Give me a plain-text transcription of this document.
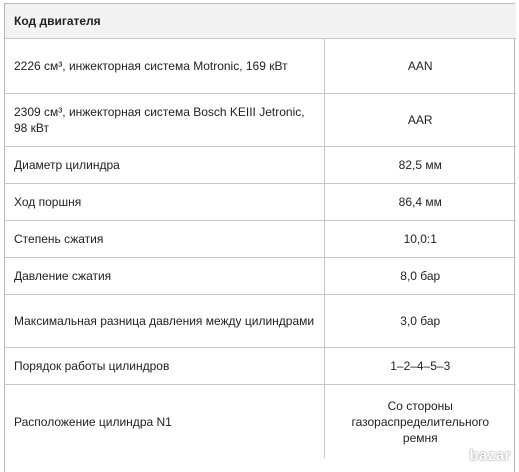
Код двигателя	
2226 см³, инжекторная система Motronic, 169 кВт	AAN
2309 см³, инжекторная система Bosch KEIII Jetronic, 98 кВт	AAR
Диаметр цилиндра	82,5 мм
Ход поршня	86,4 мм
Степень сжатия	10,0:1
Давление сжатия	8,0 бар
Максимальная разница давления между цилиндрами	3,0 бар
Порядок работы цилиндров	1–2–4–5–3
Расположение цилиндра N1	Со стороны газораспределительного ремня
bazar
